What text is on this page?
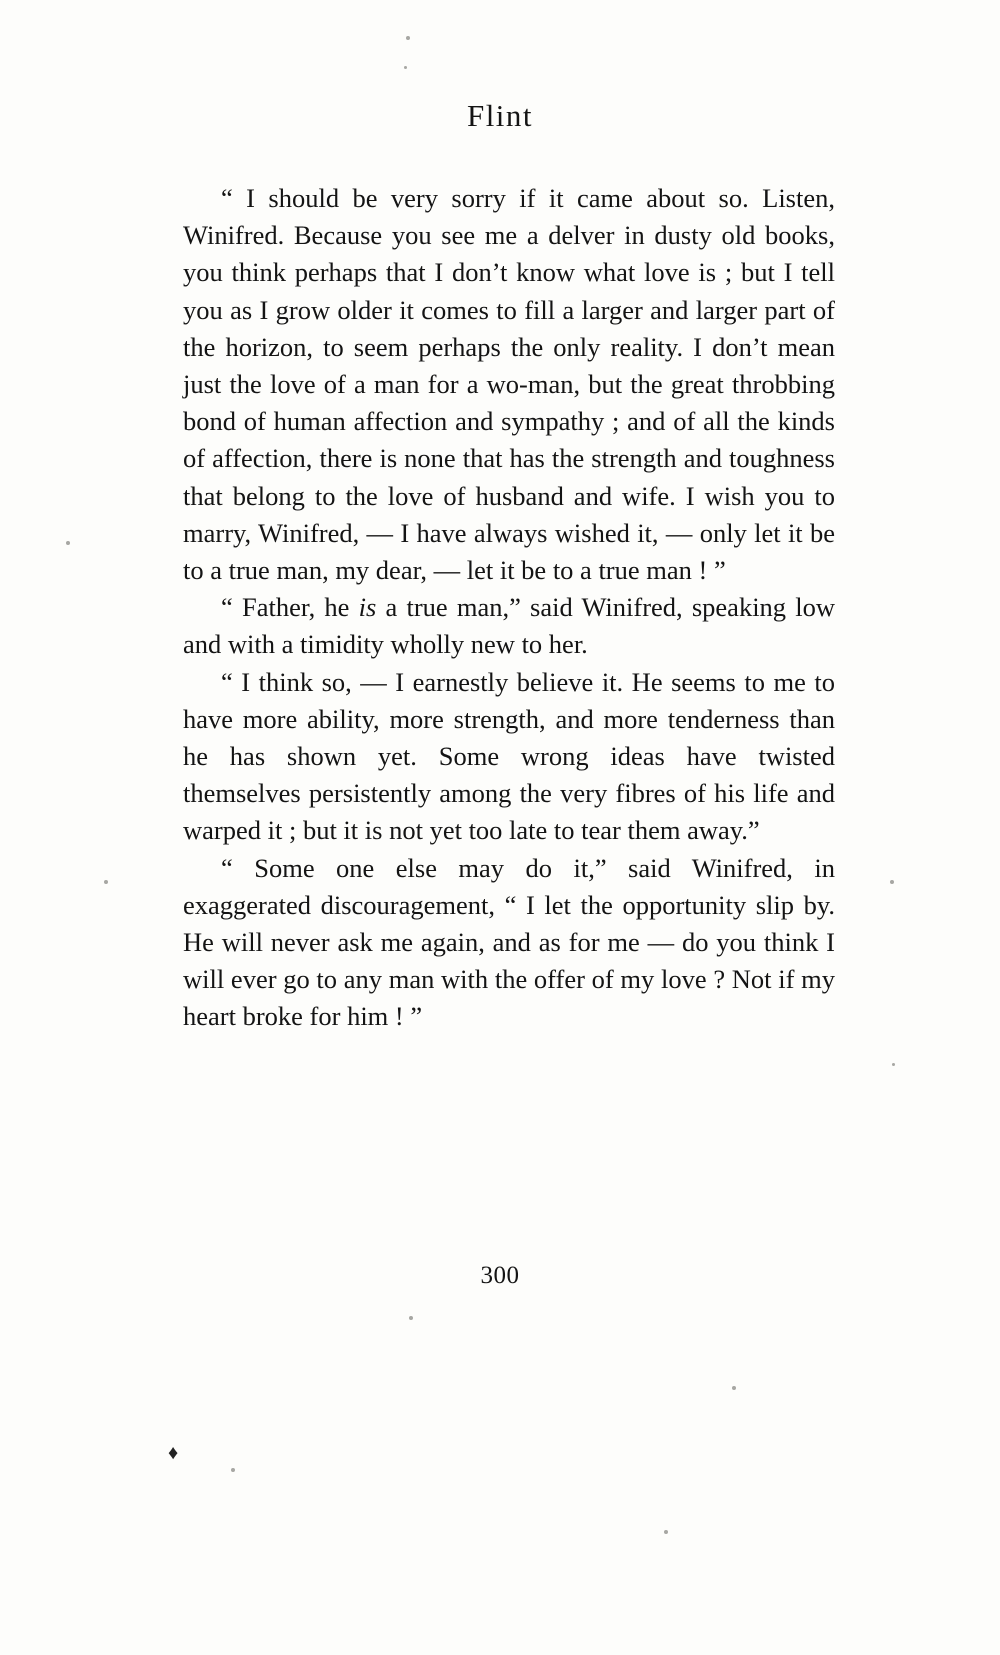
Flint

“ I should be very sorry if it came about so. Listen, Winifred. Because you see me a delver in dusty old books, you think perhaps that I don’t know what love is ; but I tell you as I grow older it comes to fill a larger and larger part of the horizon, to seem perhaps the only reality. I don’t mean just the love of a man for a wo-man, but the great throbbing bond of human affection and sympathy ; and of all the kinds of affection, there is none that has the strength and toughness that belong to the love of husband and wife. I wish you to marry, Winifred, — I have always wished it, — only let it be to a true man, my dear, — let it be to a true man ! ”

“ Father, he is a true man,” said Winifred, speaking low and with a timidity wholly new to her.

“ I think so, — I earnestly believe it. He seems to me to have more ability, more strength, and more tenderness than he has shown yet. Some wrong ideas have twisted themselves persistently among the very fibres of his life and warped it ; but it is not yet too late to tear them away.”

“ Some one else may do it,” said Winifred, in exaggerated discouragement, “ I let the opportunity slip by. He will never ask me again, and as for me — do you think I will ever go to any man with the offer of my love ? Not if my heart broke for him ! ”

300
♦
